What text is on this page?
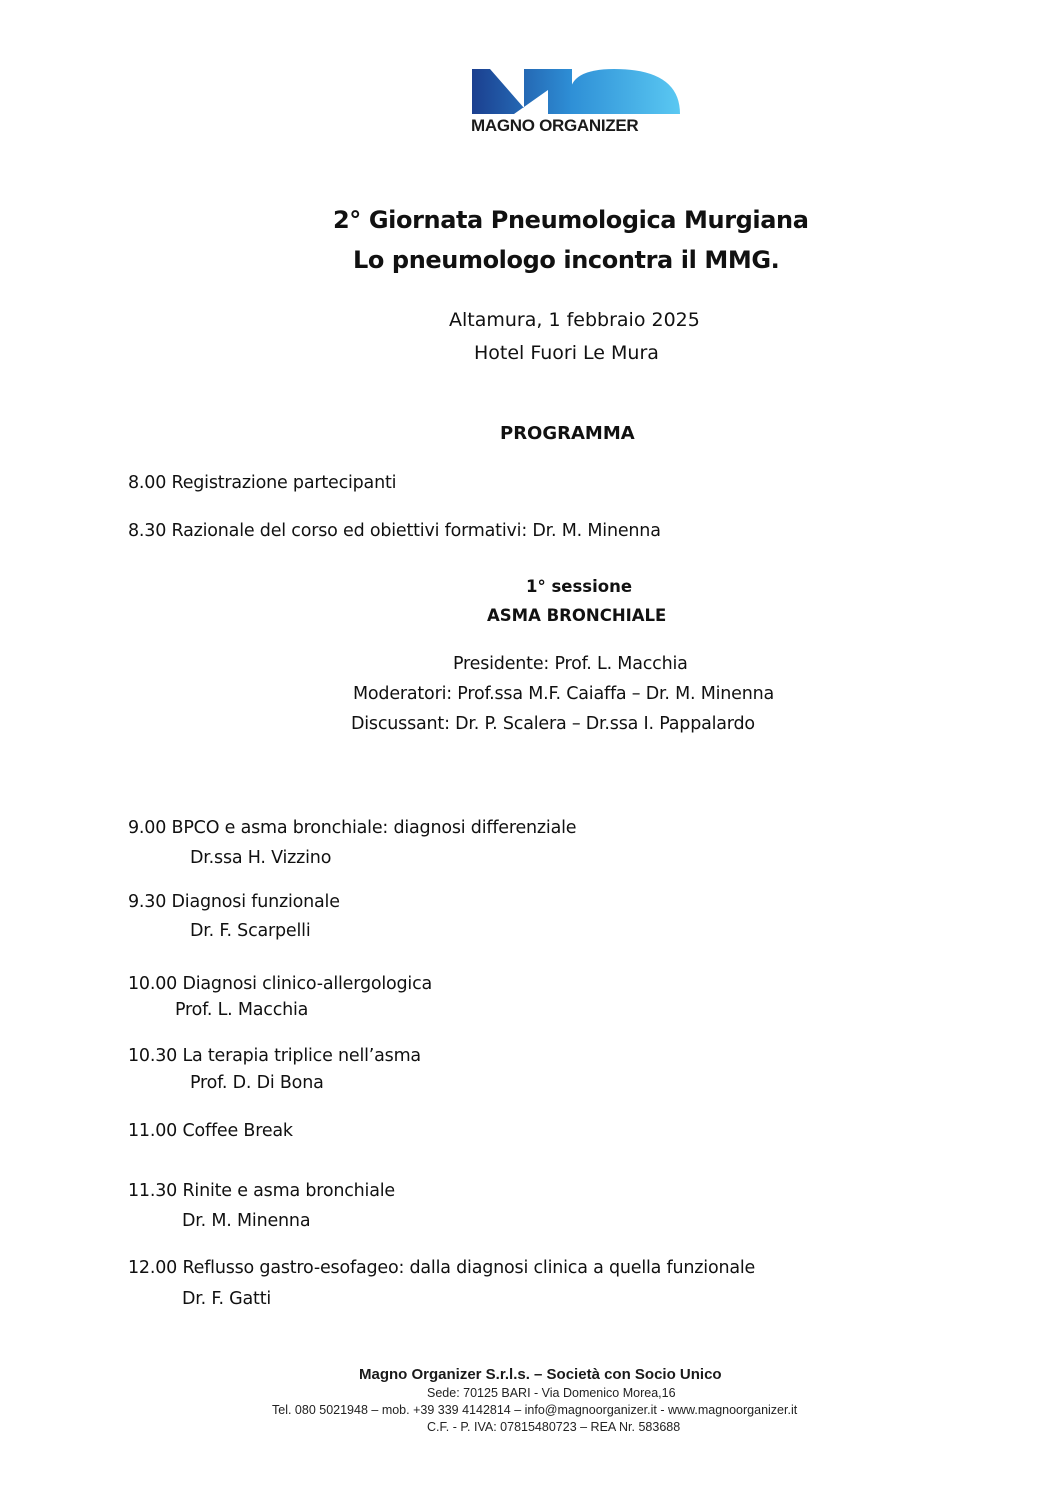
MAGNO ORGANIZER
2° Giornata Pneumologica Murgiana
Lo pneumologo incontra il MMG.
Altamura, 1 febbraio 2025
Hotel Fuori Le Mura
PROGRAMMA
8.00 Registrazione partecipanti
8.30 Razionale del corso ed obiettivi formativi: Dr. M. Minenna
1° sessione
ASMA BRONCHIALE
Presidente: Prof. L. Macchia
Moderatori: Prof.ssa M.F. Caiaffa – Dr. M. Minenna
Discussant: Dr. P. Scalera – Dr.ssa I. Pappalardo
9.00 BPCO e asma bronchiale: diagnosi differenziale
Dr.ssa H. Vizzino
9.30 Diagnosi funzionale
Dr. F. Scarpelli
10.00 Diagnosi clinico-allergologica
Prof. L. Macchia
10.30 La terapia triplice nell’asma
Prof. D. Di Bona
11.00 Coffee Break
11.30 Rinite e asma bronchiale
Dr. M. Minenna
12.00 Reflusso gastro-esofageo: dalla diagnosi clinica a quella funzionale
Dr. F. Gatti
Magno Organizer S.r.l.s. – Società con Socio Unico
Sede: 70125 BARI - Via Domenico Morea,16
Tel. 080 5021948 – mob. +39 339 4142814 – info@magnoorganizer.it - www.magnoorganizer.it
C.F. - P. IVA: 07815480723 – REA Nr. 583688
